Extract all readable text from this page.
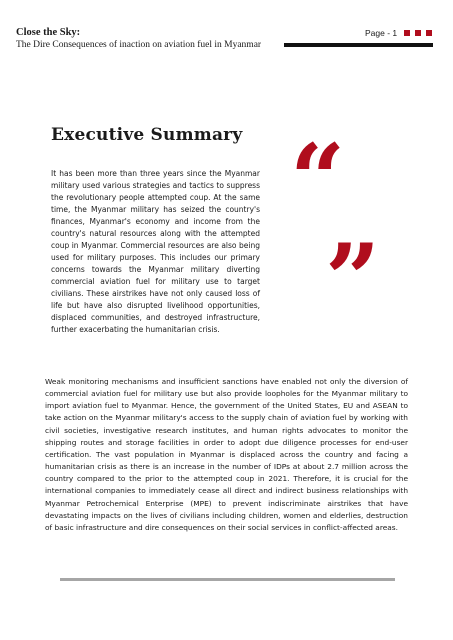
Close the Sky:
The Dire Consequences of inaction on aviation fuel in Myanmar
Page - 1
Executive Summary

It has been more than three years since the Myanmar military used various strategies and tactics to suppress the revolutionary people attempted coup. At the same time, the Myanmar military has seized the country's finances, Myanmar's economy and income from the country's natural resources along with the attempted coup in Myanmar. Commercial resources are also being used for military purposes. This includes our primary concerns towards the Myanmar military diverting commercial aviation fuel for military use to target civilians. These airstrikes have not only caused loss of life but have also disrupted livelihood opportunities, displaced communities, and destroyed infrastructure, further exacerbating the humanitarian crisis.

“
”

Weak monitoring mechanisms and insufficient sanctions have enabled not only the diversion of commercial aviation fuel for military use but also provide loopholes for the Myanmar military to import aviation fuel to Myanmar. Hence, the government of the United States, EU and ASEAN to take action on the Myanmar military's access to the supply chain of aviation fuel by working with civil societies, investigative research institutes, and human rights advocates to monitor the shipping routes and storage facilities in order to adopt due diligence processes for end-user certification. The vast population in Myanmar is displaced across the country and facing a humanitarian crisis as there is an increase in the number of IDPs at about 2.7 million across the country compared to the prior to the attempted coup in 2021. Therefore, it is crucial for the international companies to immediately cease all direct and indirect business relationships with Myanmar Petrochemical Enterprise (MPE) to prevent indiscriminate airstrikes that have devastating impacts on the lives of civilians including children, women and elderlies, destruction of basic infrastructure and dire consequences on their social services in conflict-affected areas.
